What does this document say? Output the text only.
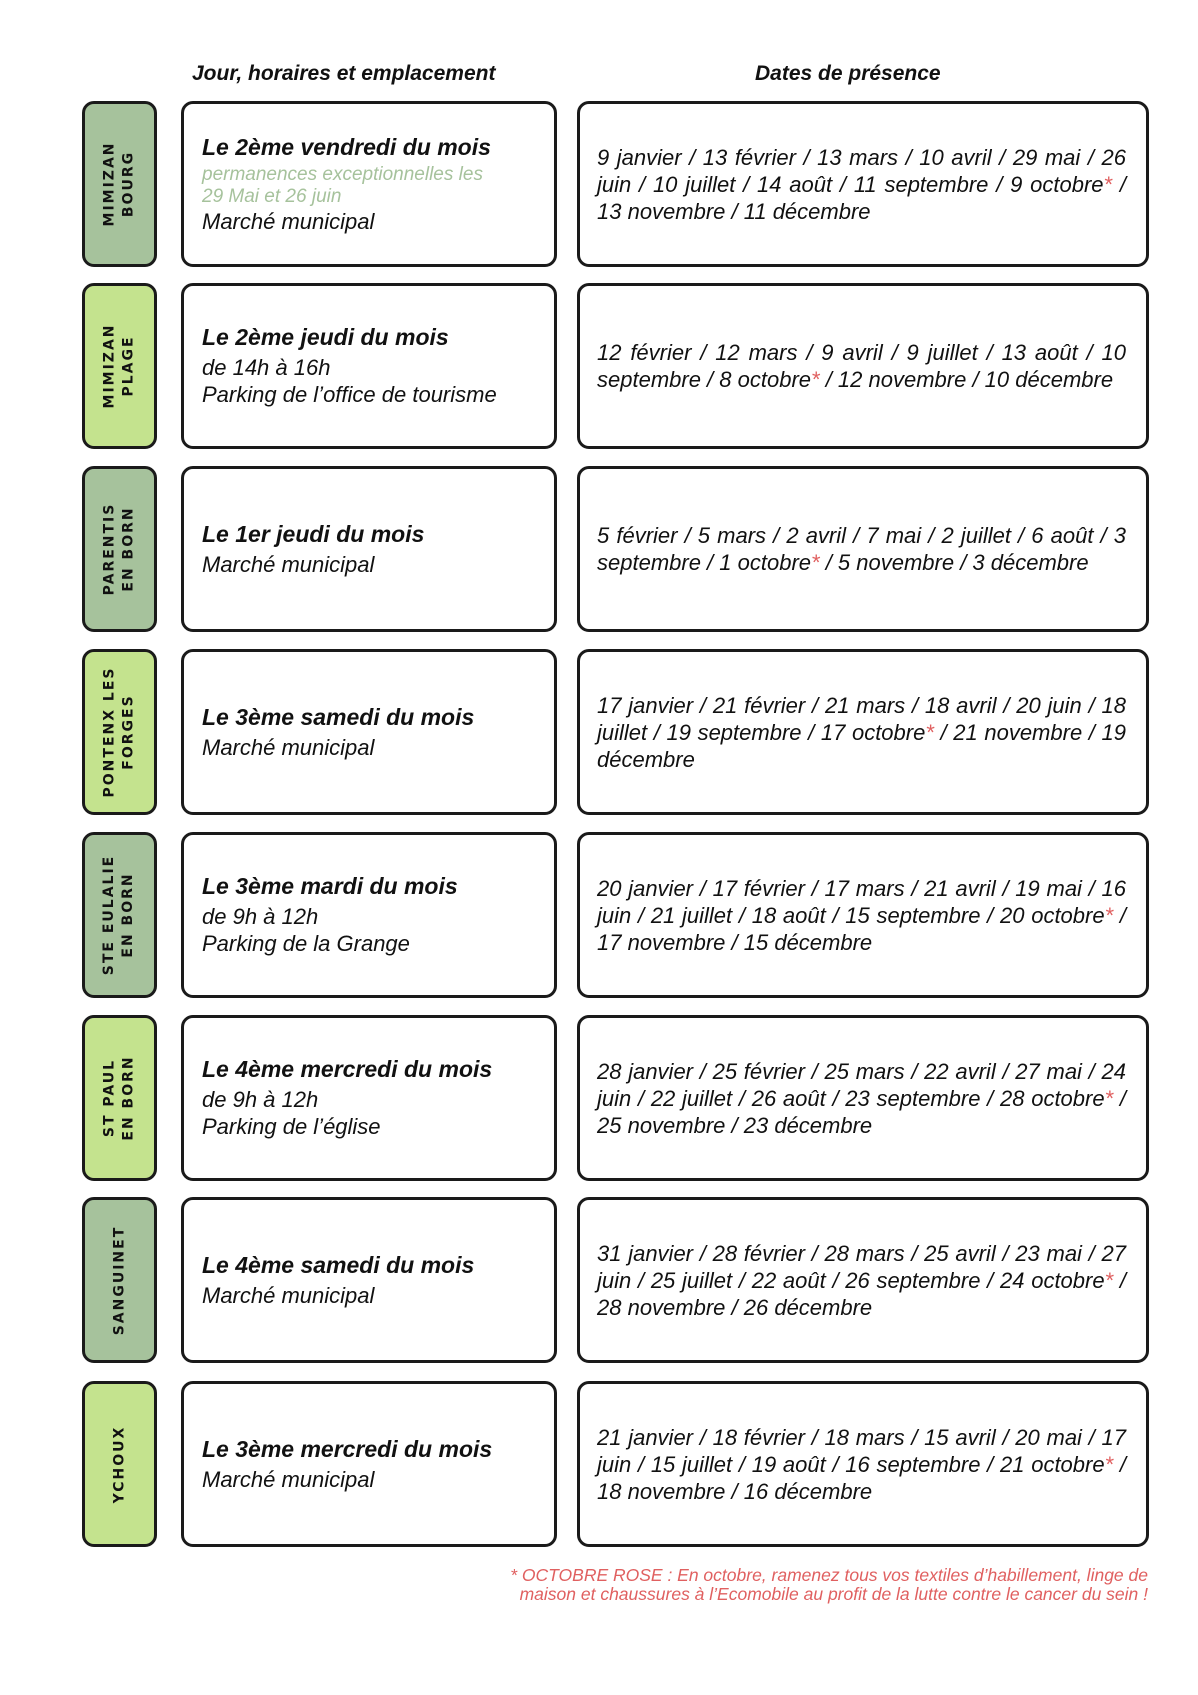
Jour, horaires et emplacement	Dates de présence
MIMIZAN BOURG
Le 2ème vendredi du mois
permanences exceptionnelles les
29 Mai et 26 juin
Marché municipal
9 janvier / 13 février / 13 mars / 10 avril / 29 mai / 26 juin / 10 juillet / 14 août / 11 septembre / 9 octobre* / 13 novembre / 11 décembre
MIMIZAN PLAGE	Le 2ème jeudi du mois
de 14h à 16h
Parking de l’office de tourisme
12 février / 12 mars / 9 avril / 9 juillet / 13 août / 10 septembre / 8 octobre* / 12 novembre / 10 décembre
PARENTIS EN BORN	Le 1er jeudi du mois
Marché municipal
5 février / 5 mars / 2 avril / 7 mai / 2 juillet / 6 août / 3 septembre / 1 octobre* / 5 novembre / 3 décembre
PONTENX LES FORGES	Le 3ème samedi du mois
Marché municipal
17 janvier / 21 février / 21 mars / 18 avril / 20 juin / 18 juillet / 19 septembre / 17 octobre* / 21 novembre / 19 décembre
STE EULALIE EN BORN	Le 3ème mardi du mois
de 9h à 12h
Parking de la Grange
20 janvier / 17 février / 17 mars / 21 avril / 19 mai / 16 juin / 21 juillet / 18 août / 15 septembre / 20 octobre* / 17 novembre / 15 décembre
ST PAUL EN BORN	Le 4ème mercredi du mois
de 9h à 12h
Parking de l’église
28 janvier / 25 février / 25 mars / 22 avril / 27 mai / 24 juin / 22 juillet / 26 août / 23 septembre / 28 octobre* / 25 novembre / 23 décembre
SANGUINET	Le 4ème samedi du mois
Marché municipal
31 janvier / 28 février / 28 mars / 25 avril / 23 mai / 27 juin / 25 juillet / 22 août / 26 septembre / 24 octobre* / 28 novembre / 26 décembre
YCHOUX	Le 3ème mercredi du mois
Marché municipal
21 janvier / 18 février / 18 mars / 15 avril / 20 mai / 17 juin / 15 juillet / 19 août / 16 septembre / 21 octobre* / 18 novembre / 16 décembre
* OCTOBRE ROSE : En octobre, ramenez tous vos textiles d’habillement, linge de
maison et chaussures à l’Ecomobile au profit de la lutte contre le cancer du sein !
